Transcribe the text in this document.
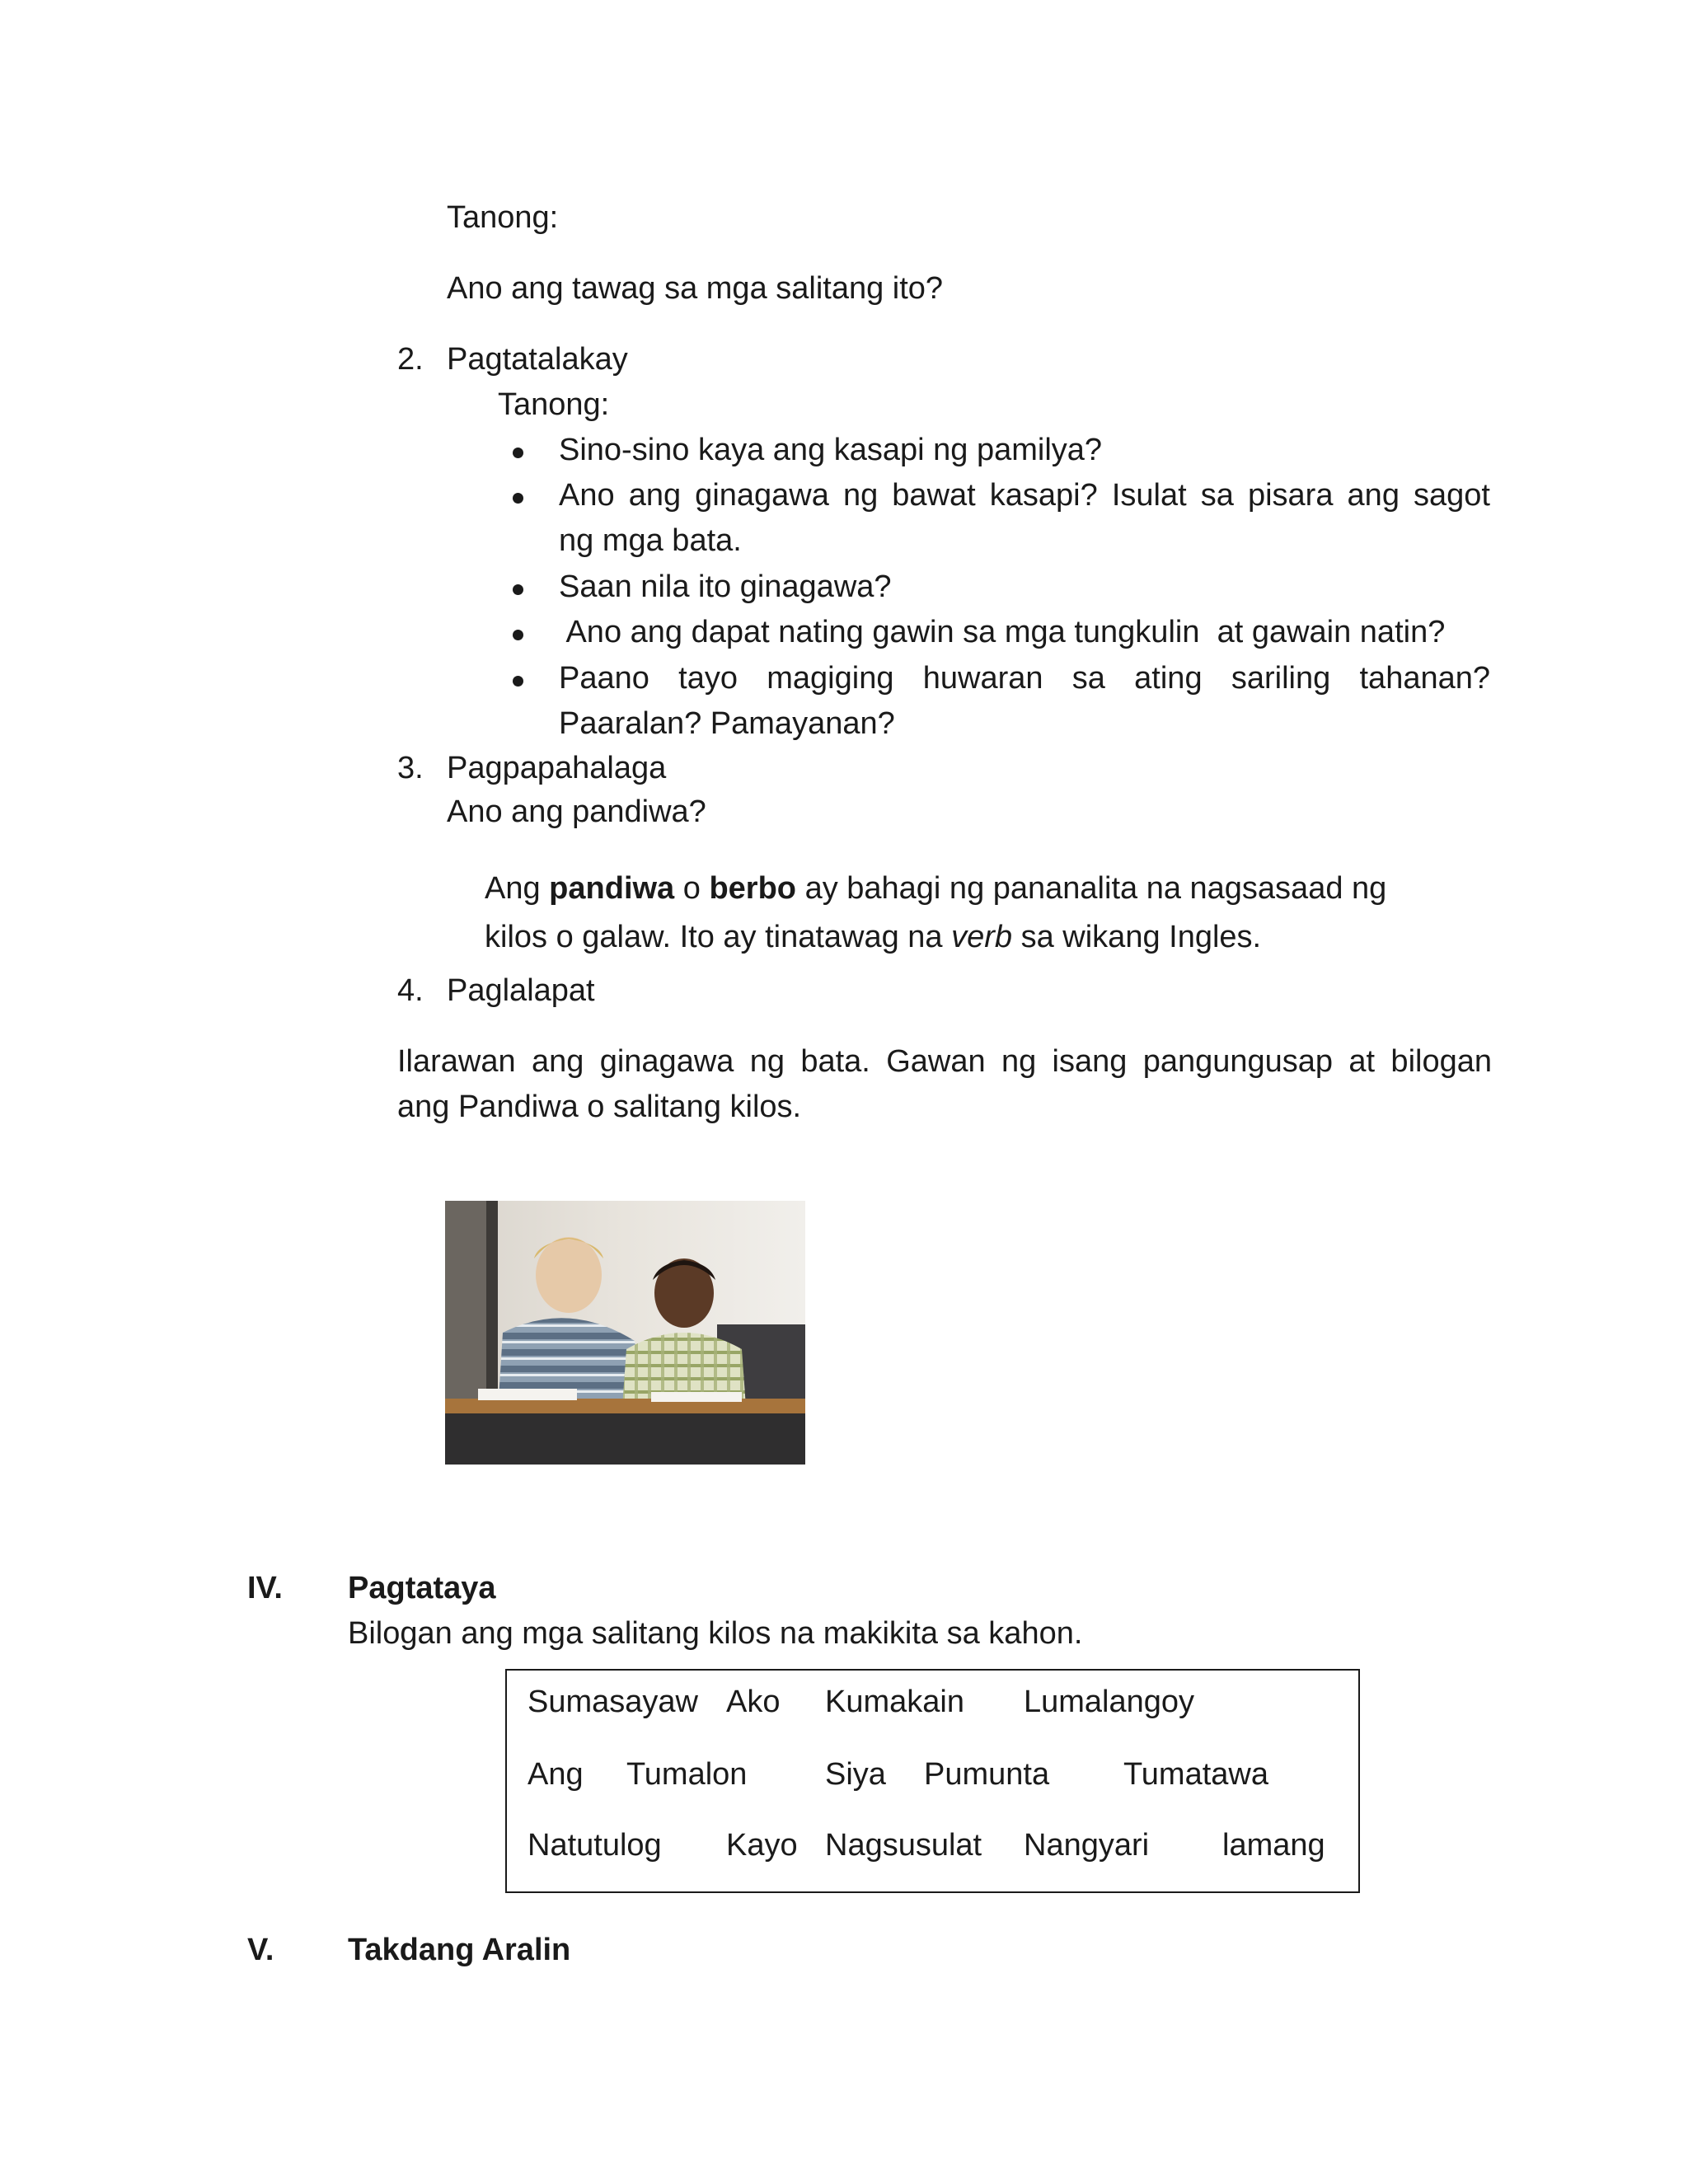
Tanong:
Ano ang tawag sa mga salitang ito?
2. Pagtatalakay
Tanong:
Sino-sino kaya ang kasapi ng pamilya?
Ano ang ginagawa ng bawat kasapi? Isulat sa pisara ang sagot
ng mga bata.
Saan nila ito ginagawa?
Ano ang dapat nating gawin sa mga tungkulin  at gawain natin?
Paano tayo magiging huwaran sa ating sariling tahanan?
Paaralan? Pamayanan?
3. Pagpapahalaga
Ano ang pandiwa?
Ang pandiwa o berbo ay bahagi ng pananalita na nagsasaad ng
kilos o galaw. Ito ay tinatawag na verb sa wikang Ingles.
4. Paglalapat
Ilarawan ang ginagawa ng bata. Gawan ng isang pangungusap at bilogan
ang Pandiwa o salitang kilos.
IV. Pagtataya
Bilogan ang mga salitang kilos na makikita sa kahon.
Sumasayaw Ako Kumakain Lumalangoy
Ang Tumalon Siya Pumunta Tumatawa
Natutulog Kayo Nagsusulat Nangyari lamang
V. Takdang Aralin
